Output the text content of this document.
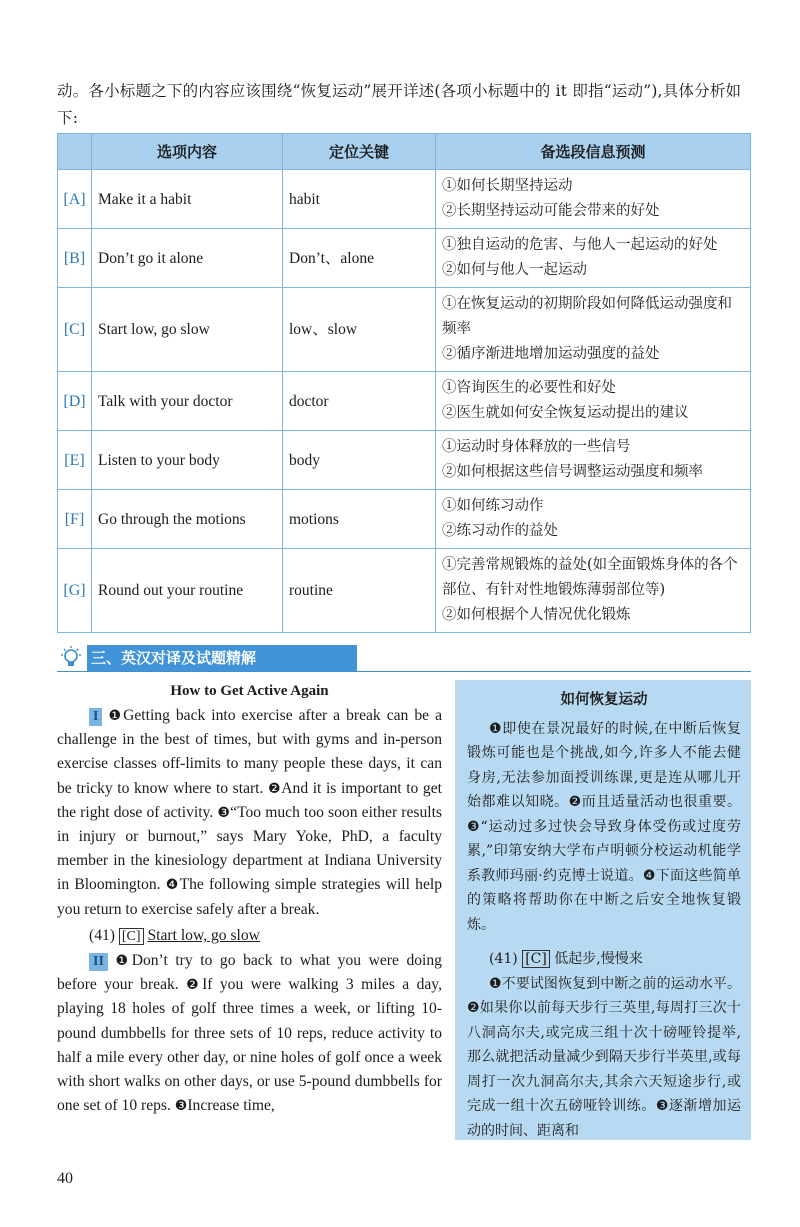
动。各小标题之下的内容应该围绕“恢复运动”展开详述(各项小标题中的 it 即指“运动”),具体分析如下:
	选项内容	定位关键	备选段信息预测
[A]	Make it a habit	habit	①如何长期坚持运动
②长期坚持运动可能会带来的好处

[B]	Don’t go it alone	Don’t、alone	①独自运动的危害、与他人一起运动的好处
②如何与他人一起运动

[C]	Start low, go slow	low、slow	①在恢复运动的初期阶段如何降低运动强度和频率
②循序渐进地增加运动强度的益处

[D]	Talk with your doctor	doctor	①咨询医生的必要性和好处
②医生就如何安全恢复运动提出的建议

[E]	Listen to your body	body	①运动时身体释放的一些信号
②如何根据这些信号调整运动强度和频率

[F]	Go through the motions	motions	①如何练习动作
②练习动作的益处

[G]	Round out your routine	routine	①完善常规锻炼的益处(如全面锻炼身体的各个部位、有针对性地锻炼薄弱部位等)
②如何根据个人情况优化锻炼
三、英汉对译及试题精解
How to Get Active Again

I ❶Getting back into exercise after a break can be a challenge in the best of times, but with gyms and in-person exercise classes off-limits to many people these days, it can be tricky to know where to start. ❷And it is important to get the right dose of activity. ❸“Too much too soon either results in injury or burnout,” says Mary Yoke, PhD, a faculty member in the kinesiology department at Indiana University in Bloomington. ❹The following simple strategies will help you return to exercise safely after a break.

(41) [C] Start low, go slow

II ❶Don’t try to go back to what you were doing before your break. ❷If you were walking 3 miles a day, playing 18 holes of golf three times a week, or lifting 10-pound dumbbells for three sets of 10 reps, reduce activity to half a mile every other day, or nine holes of golf once a week with short walks on other days, or use 5-pound dumbbells for one set of 10 reps. ❸Increase time,

如何恢复运动

❶即使在景况最好的时候,在中断后恢复锻炼可能也是个挑战,如今,许多人不能去健身房,无法参加面授训练课,更是连从哪儿开始都难以知晓。❷而且适量活动也很重要。❸“运动过多过快会导致身体受伤或过度劳累,”印第安纳大学布卢明顿分校运动机能学系教师玛丽·约克博士说道。❹下面这些简单的策略将帮助你在中断之后安全地恢复锻炼。

(41) [C] 低起步,慢慢来

❶不要试图恢复到中断之前的运动水平。❷如果你以前每天步行三英里,每周打三次十八洞高尔夫,或完成三组十次十磅哑铃提举,那么就把活动量减少到隔天步行半英里,或每周打一次九洞高尔夫,其余六天短途步行,或完成一组十次五磅哑铃训练。❸逐渐增加运动的时间、距离和

40
